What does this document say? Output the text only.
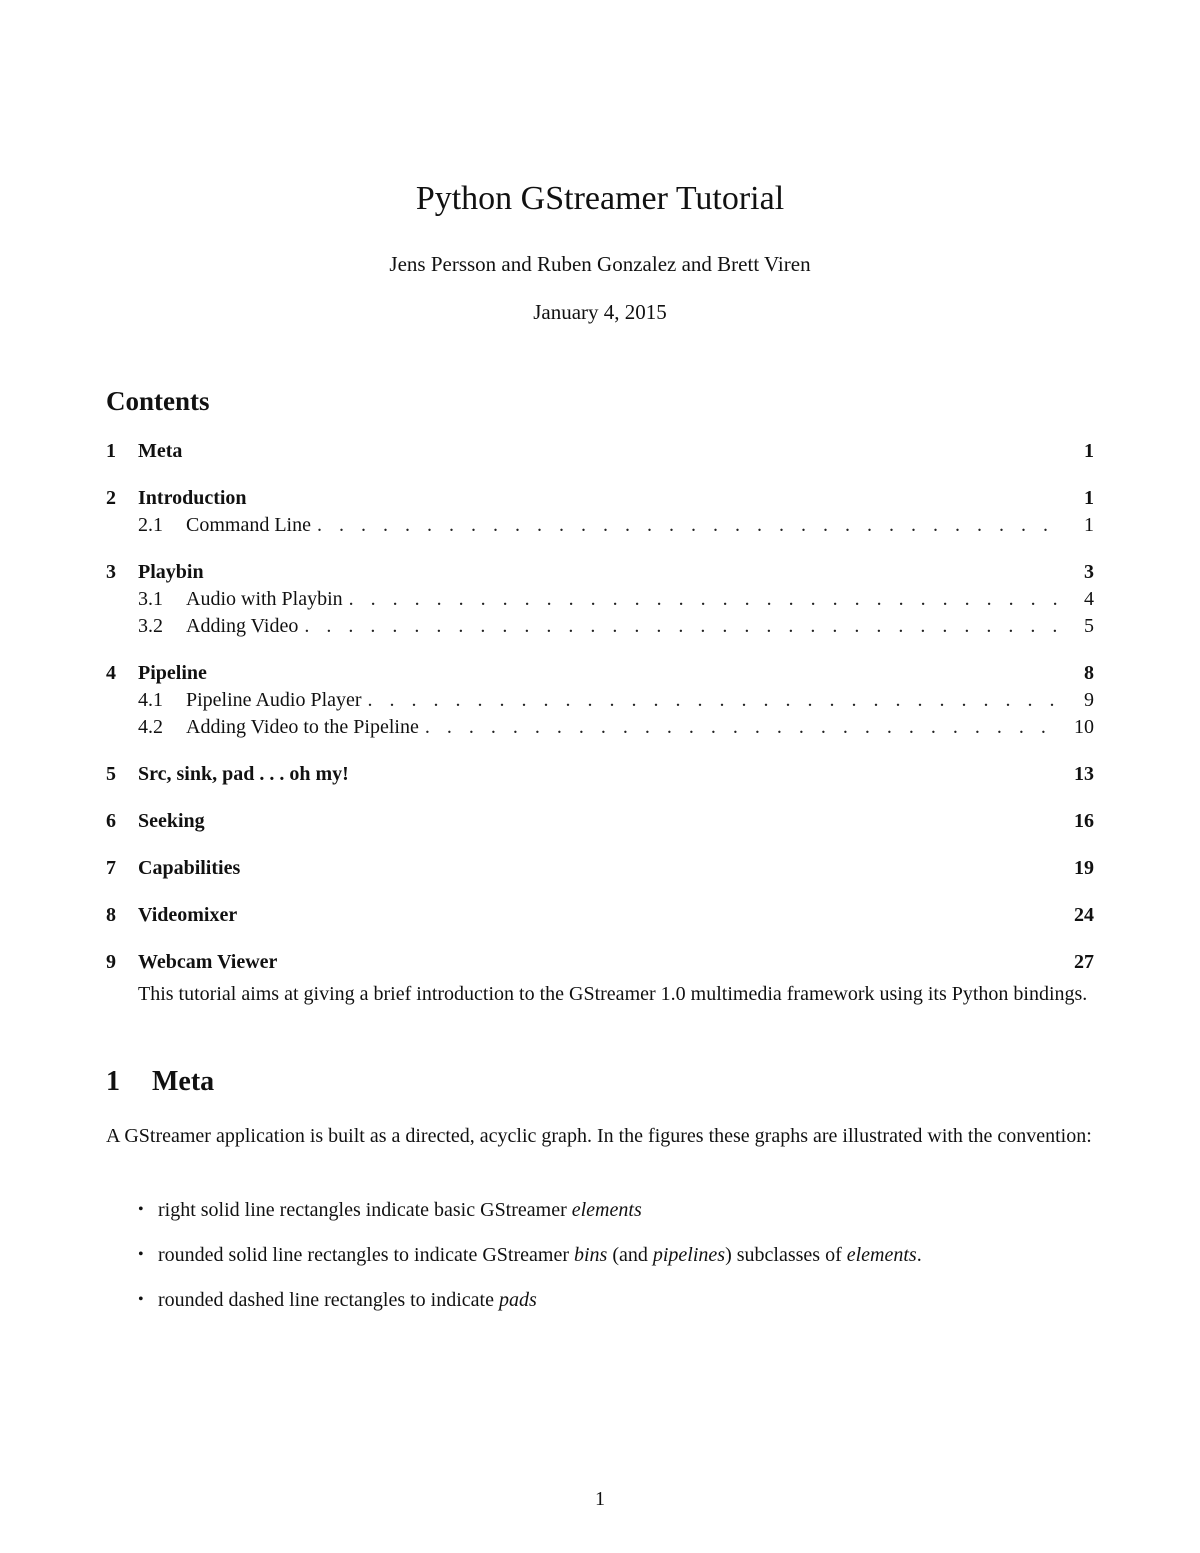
Python GStreamer Tutorial
Jens Persson and Ruben Gonzalez and Brett Viren
January 4, 2015
Contents
1	Meta	1
2	Introduction	1
2.1	Command Line . . .	1
3	Playbin	3
3.1	Audio with Playbin . . .	4
3.2	Adding Video . . .	5
4	Pipeline	8
4.1	Pipeline Audio Player . . .	9
4.2	Adding Video to the Pipeline . . .	10
5	Src, sink, pad . . . oh my!	13
6	Seeking	16
7	Capabilities	19
8	Videomixer	24
9	Webcam Viewer	27
This tutorial aims at giving a brief introduction to the GStreamer 1.0 multimedia framework using its Python bindings.
1 Meta
A GStreamer application is built as a directed, acyclic graph. In the figures these graphs are illustrated with the convention:
• right solid line rectangles indicate basic GStreamer elements
• rounded solid line rectangles to indicate GStreamer bins (and pipelines) subclasses of elements.
• rounded dashed line rectangles to indicate pads
1
